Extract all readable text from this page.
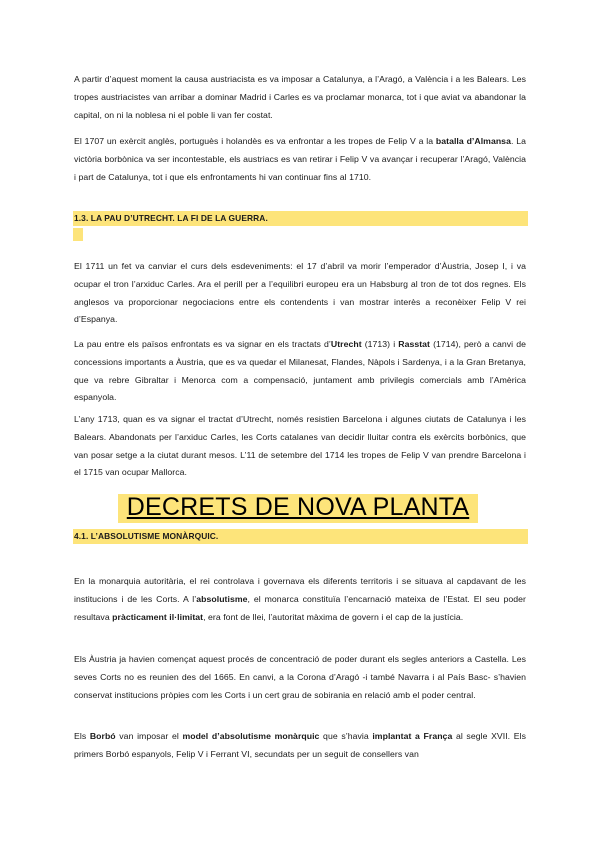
A partir d’aquest moment la causa austriacista es va imposar a Catalunya, a l’Aragó, a València i a les Balears. Les tropes austriacistes van arribar a dominar Madrid i Carles es va proclamar monarca, tot i que aviat va abandonar la capital, on ni la noblesa ni el poble li van fer costat.

El 1707 un exèrcit anglès, portuguès i holandès es va enfrontar a les tropes de Felip V a la batalla d’Almansa. La victòria borbònica va ser incontestable, els austriacs es van retirar i Felip V va avançar i recuperar l’Aragó, València i part de Catalunya, tot i que els enfrontaments hi van continuar fins al 1710.

1.3. LA PAU D’UTRECHT. LA FI DE LA GUERRA.

El 1711 un fet va canviar el curs dels esdeveniments: el 17 d’abril va morir l’emperador d’Àustria, Josep I, i va ocupar el tron l’arxiduc Carles. Ara el perill per a l’equilibri europeu era un Habsburg al tron de tot dos regnes. Els anglesos va proporcionar negociacions entre els contendents i van mostrar interès a reconèixer Felip V rei d’Espanya.

La pau entre els països enfrontats es va signar en els tractats d’Utrecht (1713) i Rasstat (1714), però a canvi de concessions importants a Àustria, que es va quedar el Milanesat, Flandes, Nàpols i Sardenya, i a la Gran Bretanya, que va rebre Gibraltar i Menorca com a compensació, juntament amb privilegis comercials amb l’Amèrica espanyola.

L’any 1713, quan es va signar el tractat d’Utrecht, només resistien Barcelona i algunes ciutats de Catalunya i les Balears. Abandonats per l’arxiduc Carles, les Corts catalanes van decidir lluitar contra els exèrcits borbònics, que van posar setge a la ciutat durant mesos. L’11 de setembre del 1714 les tropes de Felip V van prendre Barcelona i el 1715 van ocupar Mallorca.

DECRETS DE NOVA PLANTA
4.1. L’ABSOLUTISME MONÀRQUIC.

En la monarquia autoritària, el rei controlava i governava els diferents territoris i se situava al capdavant de les institucions i de les Corts. A l’absolutisme, el monarca constituïa l’encarnació mateixa de l’Estat. El seu poder resultava pràcticament il·limitat, era font de llei, l’autoritat màxima de govern i el cap de la justícia.

Els Àustria ja havien començat aquest procés de concentració de poder durant els segles anteriors a Castella. Les seves Corts no es reunien des del 1665. En canvi, a la Corona d’Aragó -i també Navarra i al País Basc- s’havien conservat institucions pròpies com les Corts i un cert grau de sobirania en relació amb el poder central.

Els Borbó van imposar el model d’absolutisme monàrquic que s’havia implantat a França al segle XVII. Els primers Borbó espanyols, Felip V i Ferrant VI, secundats per un seguit de consellers van
